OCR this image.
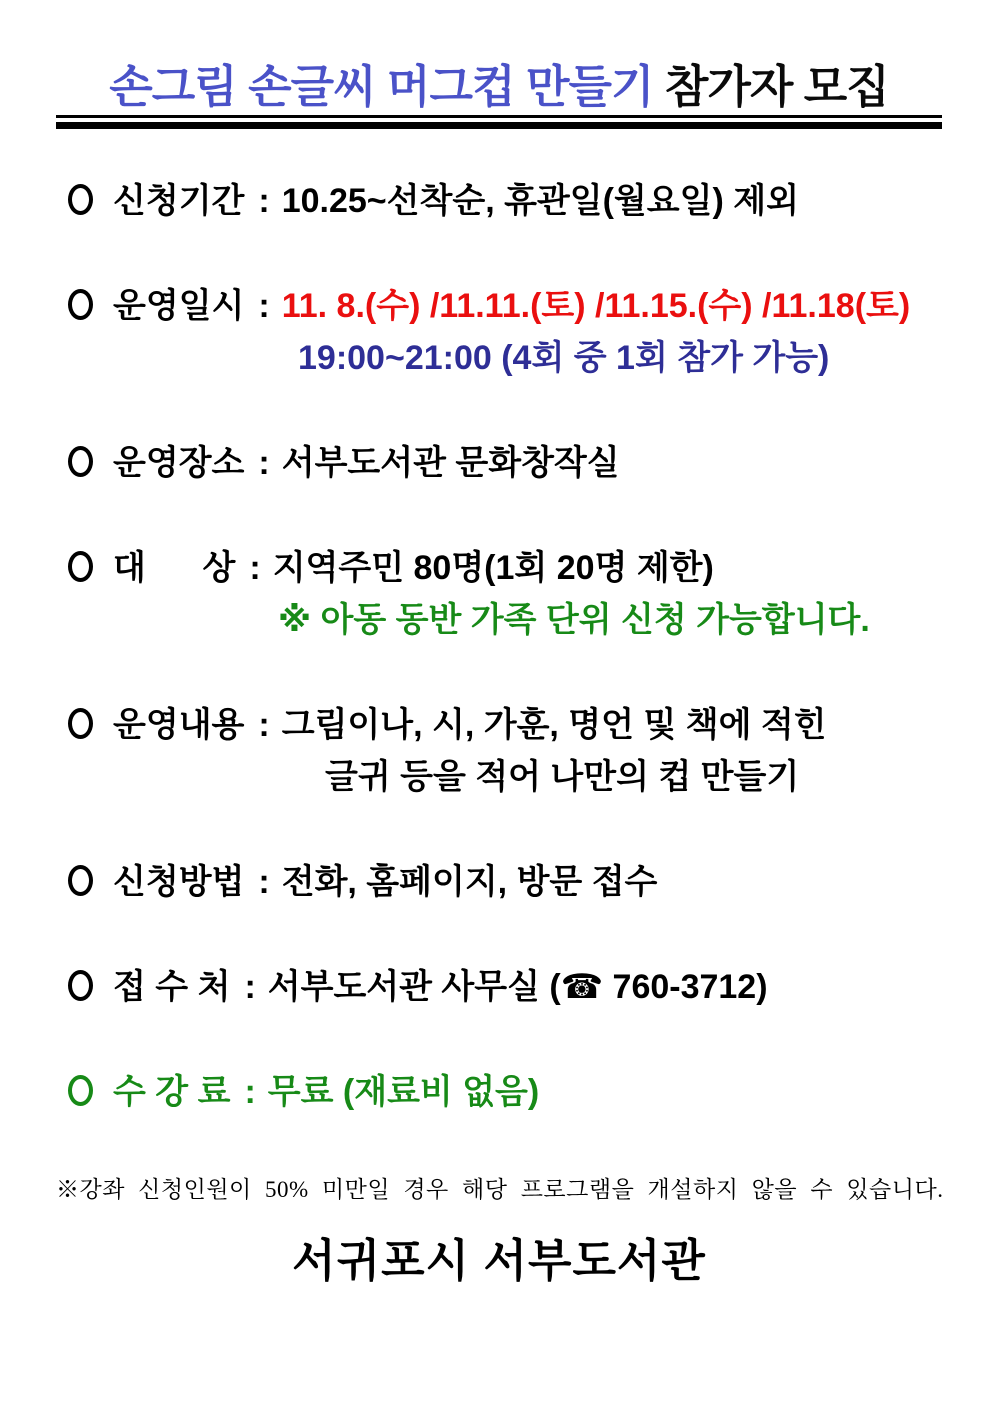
손그림 손글씨 머그컵 만들기 참가자 모집
신청기간 : 10.25~선착순, 휴관일(월요일) 제외
운영일시 : 11. 8.(수) /11.11.(토) /11.15.(수) /11.18(토)
19:00~21:00 (4회 중 1회 참가 가능)
운영장소 : 서부도서관 문화창작실
대      상 : 지역주민 80명(1회 20명 제한)
※ 아동 동반 가족 단위 신청 가능합니다.
운영내용 : 그림이나, 시, 가훈, 명언 및 책에 적힌
글귀 등을 적어 나만의 컵 만들기
신청방법 : 전화, 홈페이지, 방문 접수
접 수 처 : 서부도서관 사무실 (☎ 760-3712)
수 강 료 : 무료 (재료비 없음)
※강좌 신청인원이 50% 미만일 경우 해당 프로그램을 개설하지 않을 수 있습니다.
서귀포시 서부도서관
